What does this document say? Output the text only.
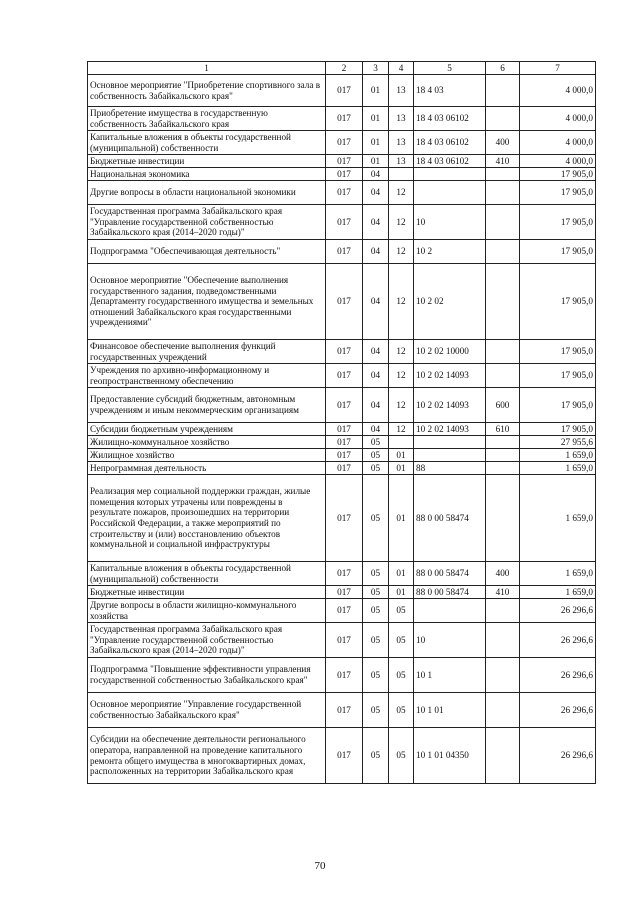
1	2	3	4	5	6	7
Основное мероприятие "Приобретение спортивного зала в собственность Забайкальского края"	017	01	13	18 4 03		4 000,0
Приобретение имущества в государственную собственность Забайкальского края	017	01	13	18 4 03 06102		4 000,0
Капитальные вложения в объекты государственной (муниципальной) собственности	017	01	13	18 4 03 06102	400	4 000,0
Бюджетные инвестиции	017	01	13	18 4 03 06102	410	4 000,0
Национальная экономика	017	04				17 905,0
Другие вопросы в области национальной экономики	017	04	12			17 905,0
Государственная программа Забайкальского края "Управление государственной собственностью Забайкальского края (2014–2020 годы)"	017	04	12	10		17 905,0
Подпрограмма "Обеспечивающая деятельность"	017	04	12	10 2		17 905,0
Основное мероприятие "Обеспечение выполнения государственного задания, подведомственными Департаменту государственного имущества и земельных отношений Забайкальского края государственными учреждениями"	017	04	12	10 2 02		17 905,0
Финансовое обеспечение выполнения функций государственных учреждений	017	04	12	10 2 02 10000		17 905,0
Учреждения по архивно-информационному и геопространственному обеспечению	017	04	12	10 2 02 14093		17 905,0
Предоставление субсидий бюджетным, автономным учреждениям и иным некоммерческим организациям	017	04	12	10 2 02 14093	600	17 905,0
Субсидии бюджетным учреждениям	017	04	12	10 2 02 14093	610	17 905,0
Жилищно-коммунальное хозяйство	017	05				27 955,6
Жилищное хозяйство	017	05	01			1 659,0
Непрограммная деятельность	017	05	01	88		1 659,0
Реализация мер социальной поддержки граждан, жилые помещения которых утрачены или повреждены в результате пожаров, произошедших на территории Российской Федерации, а также мероприятий по строительству и (или) восстановлению объектов коммунальной и социальной инфраструктуры	017	05	01	88 0 00 58474		1 659,0
Капитальные вложения в объекты государственной (муниципальной) собственности	017	05	01	88 0 00 58474	400	1 659,0
Бюджетные инвестиции	017	05	01	88 0 00 58474	410	1 659,0
Другие вопросы в области жилищно-коммунального хозяйства	017	05	05			26 296,6
Государственная программа Забайкальского края "Управление государственной собственностью Забайкальского края (2014–2020 годы)"	017	05	05	10		26 296,6
Подпрограмма "Повышение эффективности управления государственной собственностью Забайкальского края"	017	05	05	10 1		26 296,6
Основное мероприятие "Управление государственной собственностью Забайкальского края"	017	05	05	10 1 01		26 296,6
Субсидии на обеспечение деятельности регионального оператора, направленной на проведение капитального ремонта общего имущества в многоквартирных домах, расположенных на территории Забайкальского края	017	05	05	10 1 01 04350		26 296,6
70
